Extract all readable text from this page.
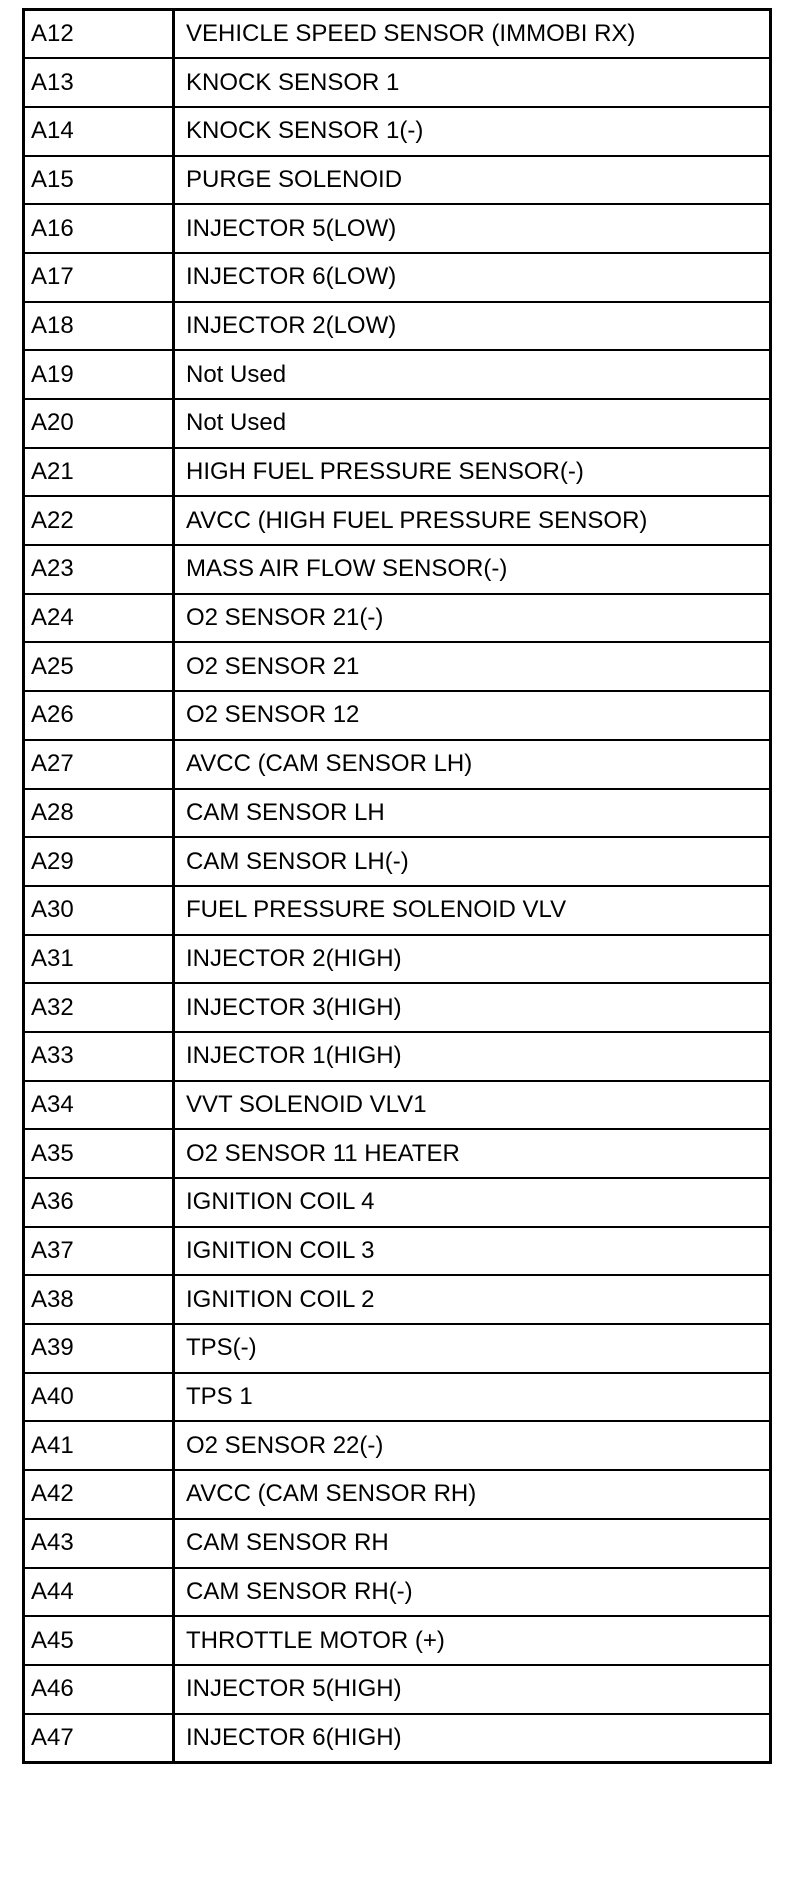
A12	VEHICLE SPEED SENSOR (IMMOBI RX)
A13	KNOCK SENSOR 1
A14	KNOCK SENSOR 1(-)
A15	PURGE SOLENOID
A16	INJECTOR 5(LOW)
A17	INJECTOR 6(LOW)
A18	INJECTOR 2(LOW)
A19	Not Used
A20	Not Used
A21	HIGH FUEL PRESSURE SENSOR(-)
A22	AVCC (HIGH FUEL PRESSURE SENSOR)
A23	MASS AIR FLOW SENSOR(-)
A24	O2 SENSOR 21(-)
A25	O2 SENSOR 21
A26	O2 SENSOR 12
A27	AVCC (CAM SENSOR LH)
A28	CAM SENSOR LH
A29	CAM SENSOR LH(-)
A30	FUEL PRESSURE SOLENOID VLV
A31	INJECTOR 2(HIGH)
A32	INJECTOR 3(HIGH)
A33	INJECTOR 1(HIGH)
A34	VVT SOLENOID VLV1
A35	O2 SENSOR 11 HEATER
A36	IGNITION COIL 4
A37	IGNITION COIL 3
A38	IGNITION COIL 2
A39	TPS(-)
A40	TPS 1
A41	O2 SENSOR 22(-)
A42	AVCC (CAM SENSOR RH)
A43	CAM SENSOR RH
A44	CAM SENSOR RH(-)
A45	THROTTLE MOTOR (+)
A46	INJECTOR 5(HIGH)
A47	INJECTOR 6(HIGH)
